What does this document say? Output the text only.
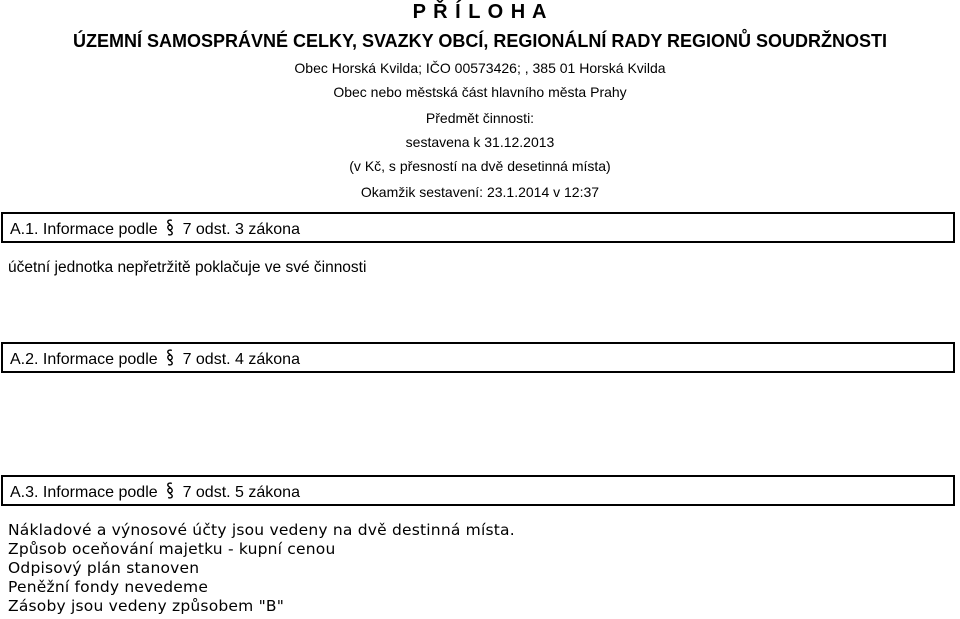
P Ř Í L O H A
ÚZEMNÍ SAMOSPRÁVNÉ CELKY, SVAZKY OBCÍ, REGIONÁLNÍ RADY REGIONŮ SOUDRŽNOSTI
Obec Horská Kvilda; IČO 00573426; , 385 01 Horská Kvilda
Obec nebo městská část hlavního města Prahy
Předmět činnosti:
sestavena k 31.12.2013
(v Kč, s přesností na dvě desetinná místa)
Okamžik sestavení: 23.1.2014 v 12:37
A.1. Informace podle 7 odst. 3 zákona
účetní jednotka nepřetržitě poklačuje ve své činnosti
A.2. Informace podle 7 odst. 4 zákona
A.3. Informace podle 7 odst. 5 zákona
Nákladové a výnosové účty jsou vedeny na dvě destinná místa.
Způsob oceňování majetku - kupní cenou
Odpisový plán stanoven
Peněžní fondy nevedeme
Zásoby jsou vedeny způsobem "B"
